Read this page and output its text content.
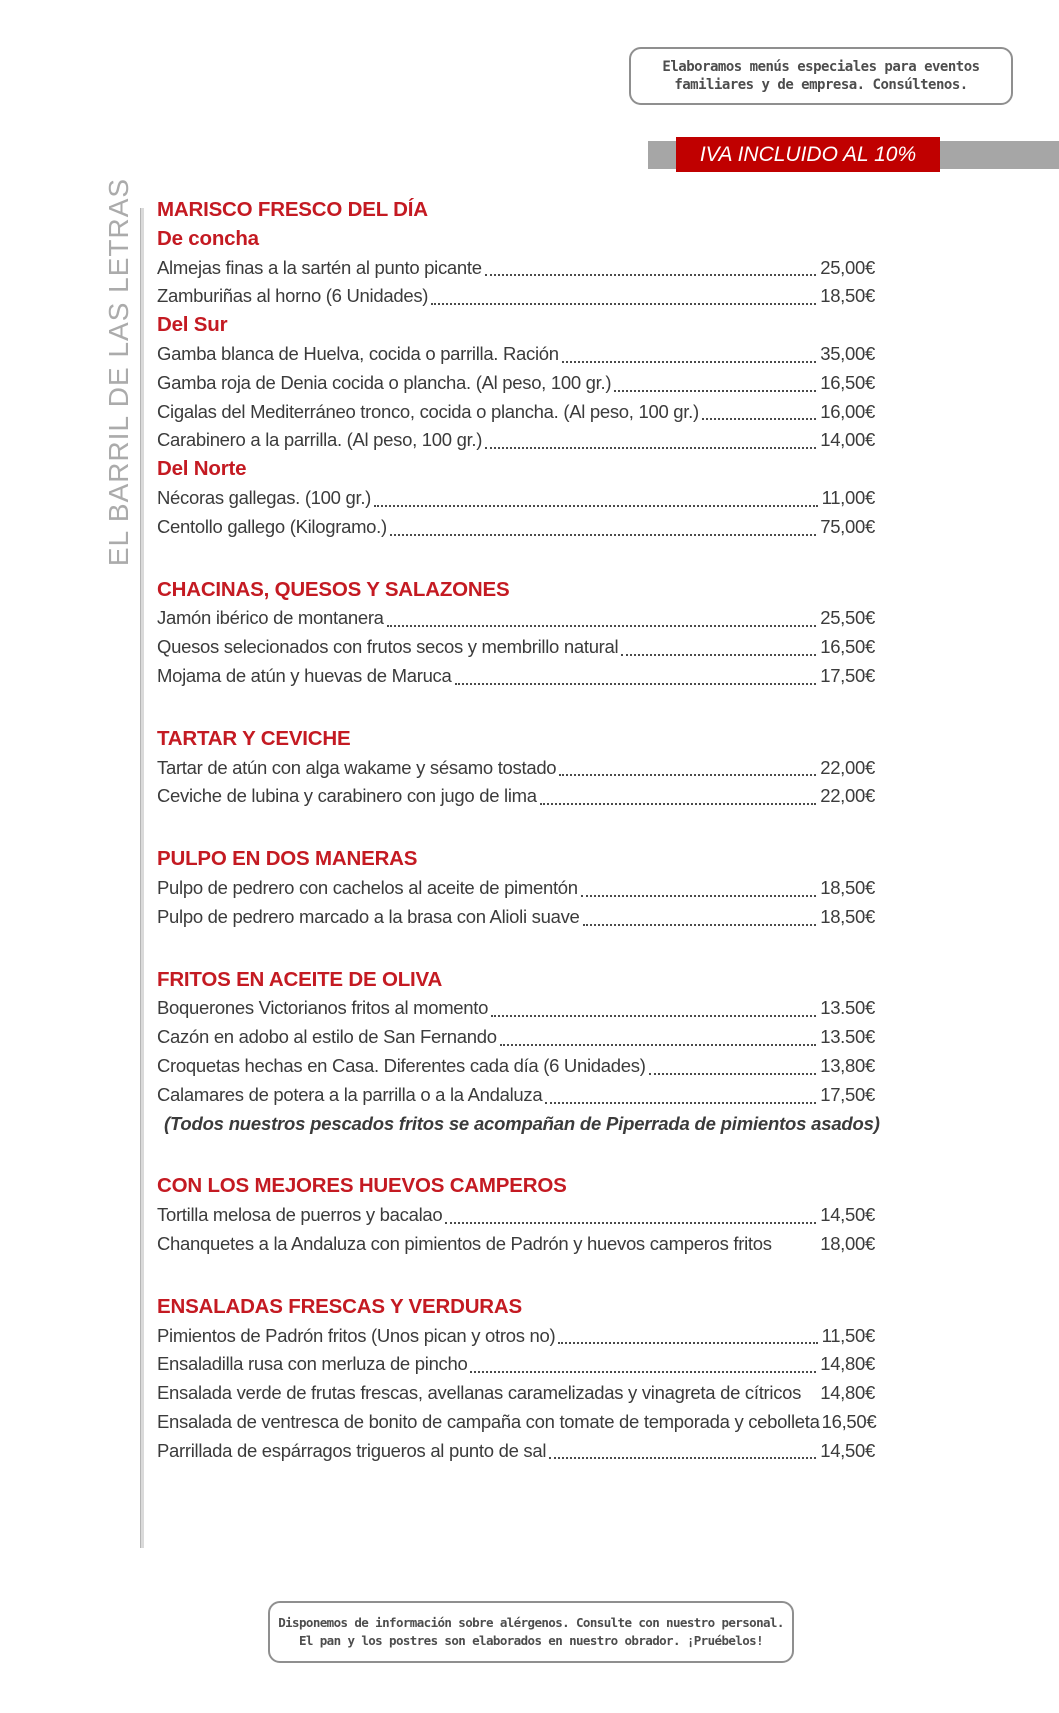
Elaboramos menús especiales para eventos
familiares y de empresa. Consúltenos.
IVA INCLUIDO AL 10%
EL BARRIL DE LAS LETRAS MARISCO FRESCO DEL DÍA
De concha
Almejas finas a la sartén al punto picante	25,00€
Zamburiñas al horno (6 Unidades)	18,50€
Del Sur
Gamba blanca de Huelva, cocida o parrilla. Ración	35,00€
Gamba roja de Denia cocida o plancha. (Al peso, 100 gr.)	16,50€
Cigalas del Mediterráneo tronco, cocida o plancha. (Al peso, 100 gr.)	16,00€
Carabinero a la parrilla. (Al peso, 100 gr.)	14,00€
Del Norte
Nécoras gallegas. (100 gr.)	11,00€
Centollo gallego (Kilogramo.)	75,00€
CHACINAS, QUESOS Y SALAZONES
Jamón ibérico de montanera	25,50€
Quesos selecionados con frutos secos y membrillo natural	16,50€
Mojama de atún y huevas de Maruca	17,50€
TARTAR Y CEVICHE
Tartar de atún con alga wakame y sésamo tostado	22,00€
Ceviche de lubina y carabinero con jugo de lima	22,00€
PULPO EN DOS MANERAS
Pulpo de pedrero con cachelos al aceite de pimentón	18,50€
Pulpo de pedrero marcado a la brasa con Alioli suave	18,50€
FRITOS EN ACEITE DE OLIVA
Boquerones Victorianos fritos al momento	13.50€
Cazón en adobo al estilo de San Fernando	13.50€
Croquetas hechas en Casa. Diferentes cada día (6 Unidades)	13,80€
Calamares de potera a la parrilla o a la Andaluza	17,50€
(Todos nuestros pescados fritos se acompañan de Piperrada de pimientos asados)
CON LOS MEJORES HUEVOS CAMPEROS
Tortilla melosa de puerros y bacalao	14,50€
Chanquetes a la Andaluza con pimientos de Padrón y huevos camperos fritos	18,00€
ENSALADAS FRESCAS Y VERDURAS
Pimientos de Padrón fritos (Unos pican y otros no)	11,50€
Ensaladilla rusa con merluza de pincho	14,80€
Ensalada verde de frutas frescas, avellanas caramelizadas y vinagreta de cítricos 14,80€
Ensalada de ventresca de bonito de campaña con tomate de temporada y cebolleta 16,50€
Parrillada de espárragos trigueros al punto de sal	14,50€
Disponemos de información sobre alérgenos. Consulte con nuestro personal.
El pan y los postres son elaborados en nuestro obrador. ¡Pruébelos!
